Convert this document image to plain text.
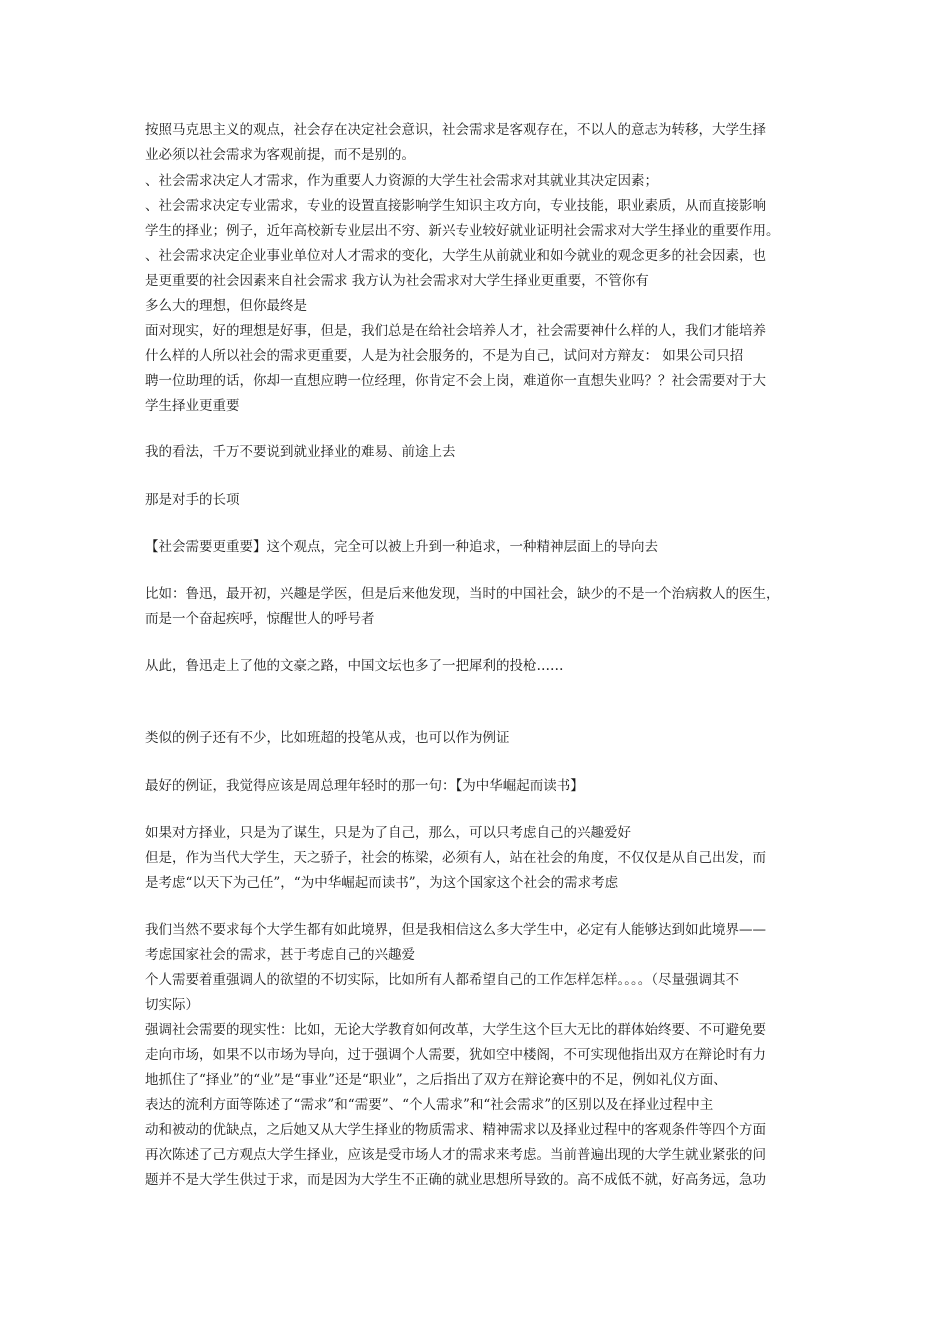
按照马克思主义的观点，社会存在决定社会意识，社会需求是客观存在，不以人的意志为转移，大学生择
业必须以社会需求为客观前提，而不是别的。
、社会需求决定人才需求，作为重要人力资源的大学生社会需求对其就业其决定因素；
、社会需求决定专业需求，专业的设置直接影响学生知识主攻方向，专业技能，职业素质，从而直接影响
学生的择业；例子，近年高校新专业层出不穷、新兴专业较好就业证明社会需求对大学生择业的重要作用。
、社会需求决定企业事业单位对人才需求的变化，大学生从前就业和如今就业的观念更多的社会因素，也
是更重要的社会因素来自社会需求 我方认为社会需求对大学生择业更重要，不管你有
多么大的理想，但你最终是
面对现实，好的理想是好事，但是，我们总是在给社会培养人才，社会需要神什么样的人，我们才能培养
什么样的人所以社会的需求更重要，人是为社会服务的，不是为自己，试问对方辩友： 如果公司只招
聘一位助理的话，你却一直想应聘一位经理，你肯定不会上岗，难道你一直想失业吗？？社会需要对于大
学生择业更重要
我的看法，千万不要说到就业择业的难易、前途上去
那是对手的长项
【社会需要更重要】这个观点，完全可以被上升到一种追求，一种精神层面上的导向去
比如：鲁迅，最开初，兴趣是学医，但是后来他发现，当时的中国社会，缺少的不是一个治病救人的医生，
而是一个奋起疾呼，惊醒世人的呼号者
从此，鲁迅走上了他的文豪之路，中国文坛也多了一把犀利的投枪……
类似的例子还有不少，比如班超的投笔从戎，也可以作为例证
最好的例证，我觉得应该是周总理年轻时的那一句：【为中华崛起而读书】
如果对方择业，只是为了谋生，只是为了自己，那么，可以只考虑自己的兴趣爱好
但是，作为当代大学生，天之骄子，社会的栋梁，必须有人，站在社会的角度，不仅仅是从自己出发，而
是考虑“以天下为己任”，“为中华崛起而读书”，为这个国家这个社会的需求考虑
我们当然不要求每个大学生都有如此境界，但是我相信这么多大学生中，必定有人能够达到如此境界——
考虑国家社会的需求，甚于考虑自己的兴趣爱
个人需要着重强调人的欲望的不切实际，比如所有人都希望自己的工作怎样怎样。。。。（尽量强调其不
切实际）
强调社会需要的现实性：比如，无论大学教育如何改革，大学生这个巨大无比的群体始终要、不可避免要
走向市场，如果不以市场为导向，过于强调个人需要，犹如空中楼阁，不可实现他指出双方在辩论时有力
地抓住了“择业”的“业”是“事业”还是“职业”，之后指出了双方在辩论赛中的不足，例如礼仪方面、
表达的流利方面等陈述了“需求”和“需要”、“个人需求”和“社会需求”的区别以及在择业过程中主
动和被动的优缺点，之后她又从大学生择业的物质需求、精神需求以及择业过程中的客观条件等四个方面
再次陈述了己方观点大学生择业，应该是受市场人才的需求来考虑。当前普遍出现的大学生就业紧张的问
题并不是大学生供过于求，而是因为大学生不正确的就业思想所导致的。高不成低不就，好高务远，急功
